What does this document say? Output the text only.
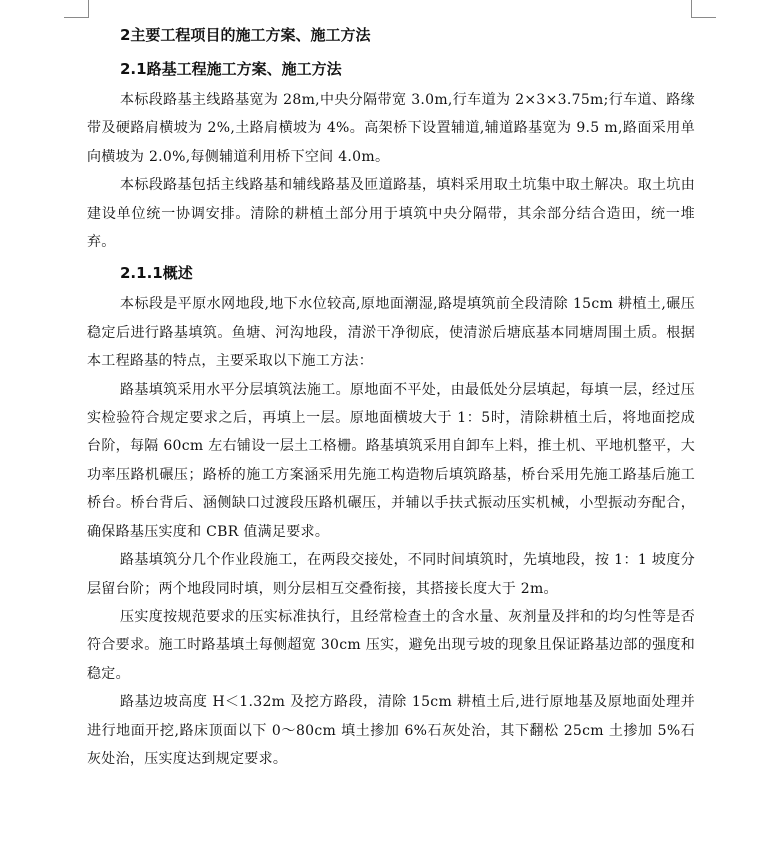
2主要工程项目的施工方案、施工方法

2.1路基工程施工方案、施工方法

本标段路基主线路基宽为 28m,中央分隔带宽 3.0m,行车道为 2×3×3.75m;行车道、路缘带及硬路肩横坡为 2%,土路肩横坡为 4%。高架桥下设置辅道,辅道路基宽为 9.5 m,路面采用单向横坡为 2.0%,每侧辅道利用桥下空间 4.0m。

本标段路基包括主线路基和辅线路基及匝道路基，填料采用取土坑集中取土解决。取土坑由建设单位统一协调安排。清除的耕植土部分用于填筑中央分隔带，其余部分结合造田，统一堆弃。

2.1.1概述

本标段是平原水网地段,地下水位较高,原地面潮湿,路堤填筑前全段清除 15cm 耕植土,碾压稳定后进行路基填筑。鱼塘、河沟地段，清淤干净彻底，使清淤后塘底基本同塘周围土质。根据本工程路基的特点，主要采取以下施工方法：

路基填筑采用水平分层填筑法施工。原地面不平处，由最低处分层填起，每填一层，经过压实检验符合规定要求之后，再填上一层。原地面横坡大于 1：5时，清除耕植土后，将地面挖成台阶，每隔 60cm 左右铺设一层土工格栅。路基填筑采用自卸车上料，推土机、平地机整平，大功率压路机碾压；路桥的施工方案涵采用先施工构造物后填筑路基，桥台采用先施工路基后施工桥台。桥台背后、涵侧缺口过渡段压路机碾压，并辅以手扶式振动压实机械，小型振动夯配合，确保路基压实度和 CBR 值满足要求。

路基填筑分几个作业段施工，在两段交接处，不同时间填筑时，先填地段，按 1：1 坡度分层留台阶；两个地段同时填，则分层相互交叠衔接，其搭接长度大于 2m。

压实度按规范要求的压实标准执行，且经常检查土的含水量、灰剂量及拌和的均匀性等是否符合要求。施工时路基填土每侧超宽 30cm 压实，避免出现亏坡的现象且保证路基边部的强度和稳定。

路基边坡高度 H＜1.32m 及挖方路段，清除 15cm 耕植土后,进行原地基及原地面处理并进行地面开挖,路床顶面以下 0～80cm 填土掺加 6%石灰处治，其下翻松 25cm 土掺加 5%石灰处治，压实度达到规定要求。
